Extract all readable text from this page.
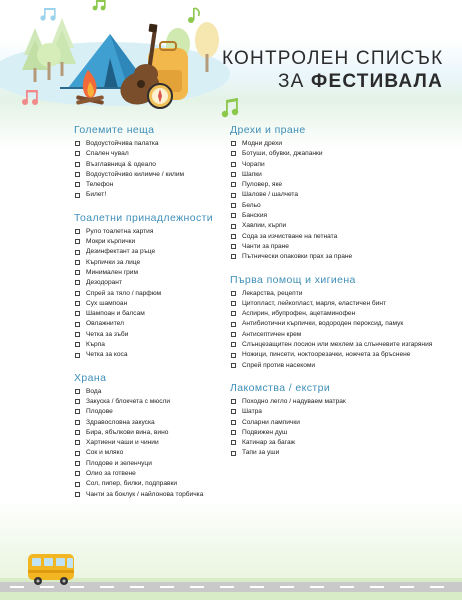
КОНТРОЛЕН СПИСЪК
ЗА ФЕСТИВАЛА
Големите неща
Водоустойчива палатка
Спален чувал
Възглавница & одеало
Водоустойчиво килимче / килим
Телефон
Билет!
Тоалетни принадлежности
Руло тоалетна хартия
Мокри кърпички
Дезинфектант за ръце
Кърпички за лице
Минимален грим
Дезодорант
Спрей за тяло / парфюм
Сух шампоан
Шампоан и балсам
Овлажнител
Четка за зъби
Кърпа
Четка за коса
Храна
Вода
Закуска / блокчета с мюсли
Плодове
Здравословна закуска
Бира, ябълкови вина, вино
Хартиени чаши и чинии
Сок и мляко
Плодове и зеленчуци
Олио за готвене
Сол, пипер, билки, подправки
Чанти за боклук / найлонова торбичка
Дрехи и пране
Модни дрехи
Ботуши, обувки, джапанки
Чорапи
Шапки
Пуловер, яке
Шалове / шалчета
Бельо
Банския
Хавлии, кърпи
Сода за изчистване на петната
Чанти за пране
Пътнически опаковки прах за пране
Първа помощ и хигиена
Лекарства, рецепти
Цитопласт, лейкопласт, марля, еластичен бинт
Аспирин, ибупрофен, ацетаминофен
Антибиотични кърпички, водороден пероксид, памук
Антисептичен крем
Слънцезащитен лосион или мехлем за слънчевите изгаряния
Ножици, пинсети, ноктоорезачки, ножчета за бръснене
Спрей против насекоми
Лакомства / екстри
Походно легло / надуваем матрак
Шатра
Соларни лампички
Подвижен душ
Катинар за багаж
Тапи за уши
